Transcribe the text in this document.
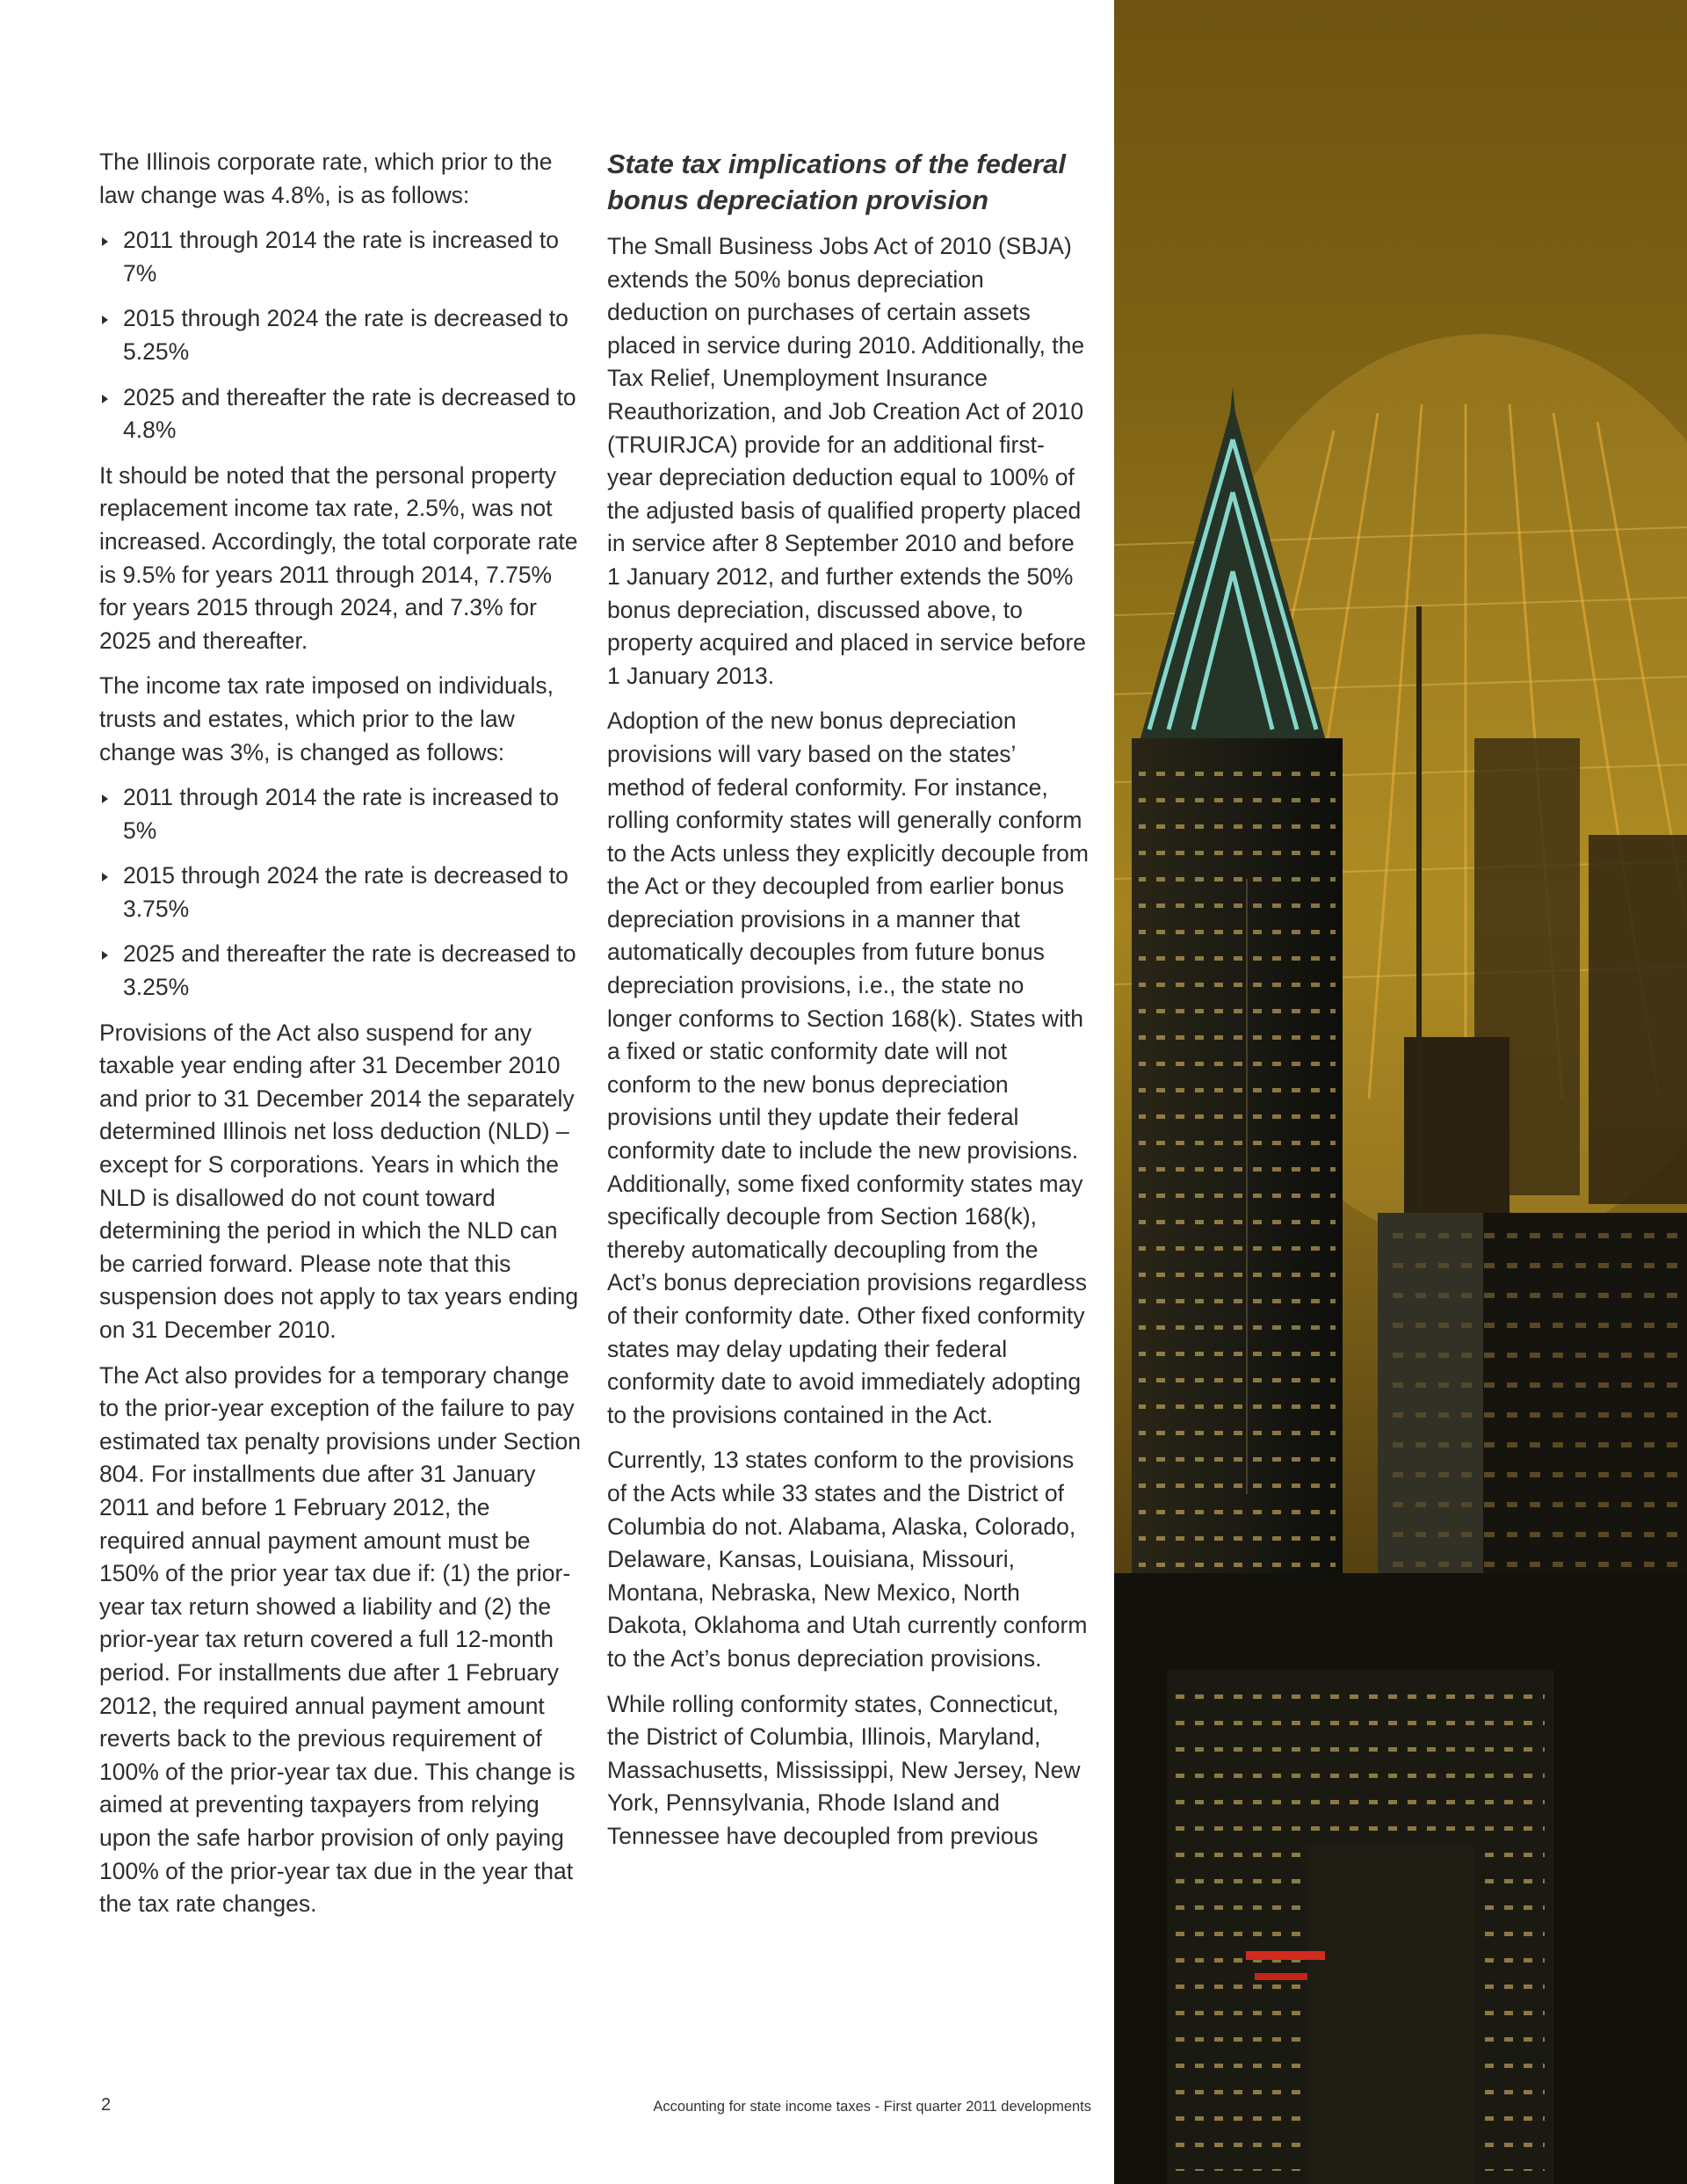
The Illinois corporate rate, which prior to the law change was 4.8%, is as follows:

2011 through 2014 the rate is increased to 7%
2015 through 2024 the rate is decreased to 5.25%
2025 and thereafter the rate is decreased to 4.8%

It should be noted that the personal property replacement income tax rate, 2.5%, was not increased. Accordingly, the total corporate rate is 9.5% for years 2011 through 2014, 7.75% for years 2015 through 2024, and 7.3% for 2025 and thereafter.

The income tax rate imposed on individuals, trusts and estates, which prior to the law change was 3%, is changed as follows:

2011 through 2014 the rate is increased to 5%
2015 through 2024 the rate is decreased to 3.75%
2025 and thereafter the rate is decreased to 3.25%

Provisions of the Act also suspend for any taxable year ending after 31 December 2010 and prior to 31 December 2014 the separately determined Illinois net loss deduction (NLD) – except for S corporations. Years in which the NLD is disallowed do not count toward determining the period in which the NLD can be carried forward. Please note that this suspension does not apply to tax years ending on 31 December 2010.

The Act also provides for a temporary change to the prior-year exception of the failure to pay estimated tax penalty provisions under Section 804. For installments due after 31 January 2011 and before 1 February 2012, the required annual payment amount must be 150% of the prior year tax due if: (1) the prior-year tax return showed a liability and (2) the prior-year tax return covered a full 12-month period. For installments due after 1 February 2012, the required annual payment amount reverts back to the previous requirement of 100% of the prior-year tax due. This change is aimed at preventing taxpayers from relying upon the safe harbor provision of only paying 100% of the prior-year tax due in the year that the tax rate changes.

State tax implications of the federal bonus depreciation provision

The Small Business Jobs Act of 2010 (SBJA) extends the 50% bonus depreciation deduction on purchases of certain assets placed in service during 2010. Additionally, the Tax Relief, Unemployment Insurance Reauthorization, and Job Creation Act of 2010 (TRUIRJCA) provide for an additional first-year depreciation deduction equal to 100% of the adjusted basis of qualified property placed in service after 8 September 2010 and before 1 January 2012, and further extends the 50% bonus depreciation, discussed above, to property acquired and placed in service before 1 January 2013.

Adoption of the new bonus depreciation provisions will vary based on the states’ method of federal conformity. For instance, rolling conformity states will generally conform to the Acts unless they explicitly decouple from the Act or they decoupled from earlier bonus depreciation provisions in a manner that automatically decouples from future bonus depreciation provisions, i.e., the state no longer conforms to Section 168(k). States with a fixed or static conformity date will not conform to the new bonus depreciation provisions until they update their federal conformity date to include the new provisions. Additionally, some fixed conformity states may specifically decouple from Section 168(k), thereby automatically decoupling from the Act’s bonus depreciation provisions regardless of their conformity date. Other fixed conformity states may delay updating their federal conformity date to avoid immediately adopting to the provisions contained in the Act.

Currently, 13 states conform to the provisions of the Acts while 33 states and the District of Columbia do not. Alabama, Alaska, Colorado, Delaware, Kansas, Louisiana, Missouri, Montana, Nebraska, New Mexico, North Dakota, Oklahoma and Utah currently conform to the Act’s bonus depreciation provisions.

While rolling conformity states, Connecticut, the District of Columbia, Illinois, Maryland, Massachusetts, Mississippi, New Jersey, New York, Pennsylvania, Rhode Island and Tennessee have decoupled from previous

2	Accounting for state income taxes - First quarter 2011 developments
